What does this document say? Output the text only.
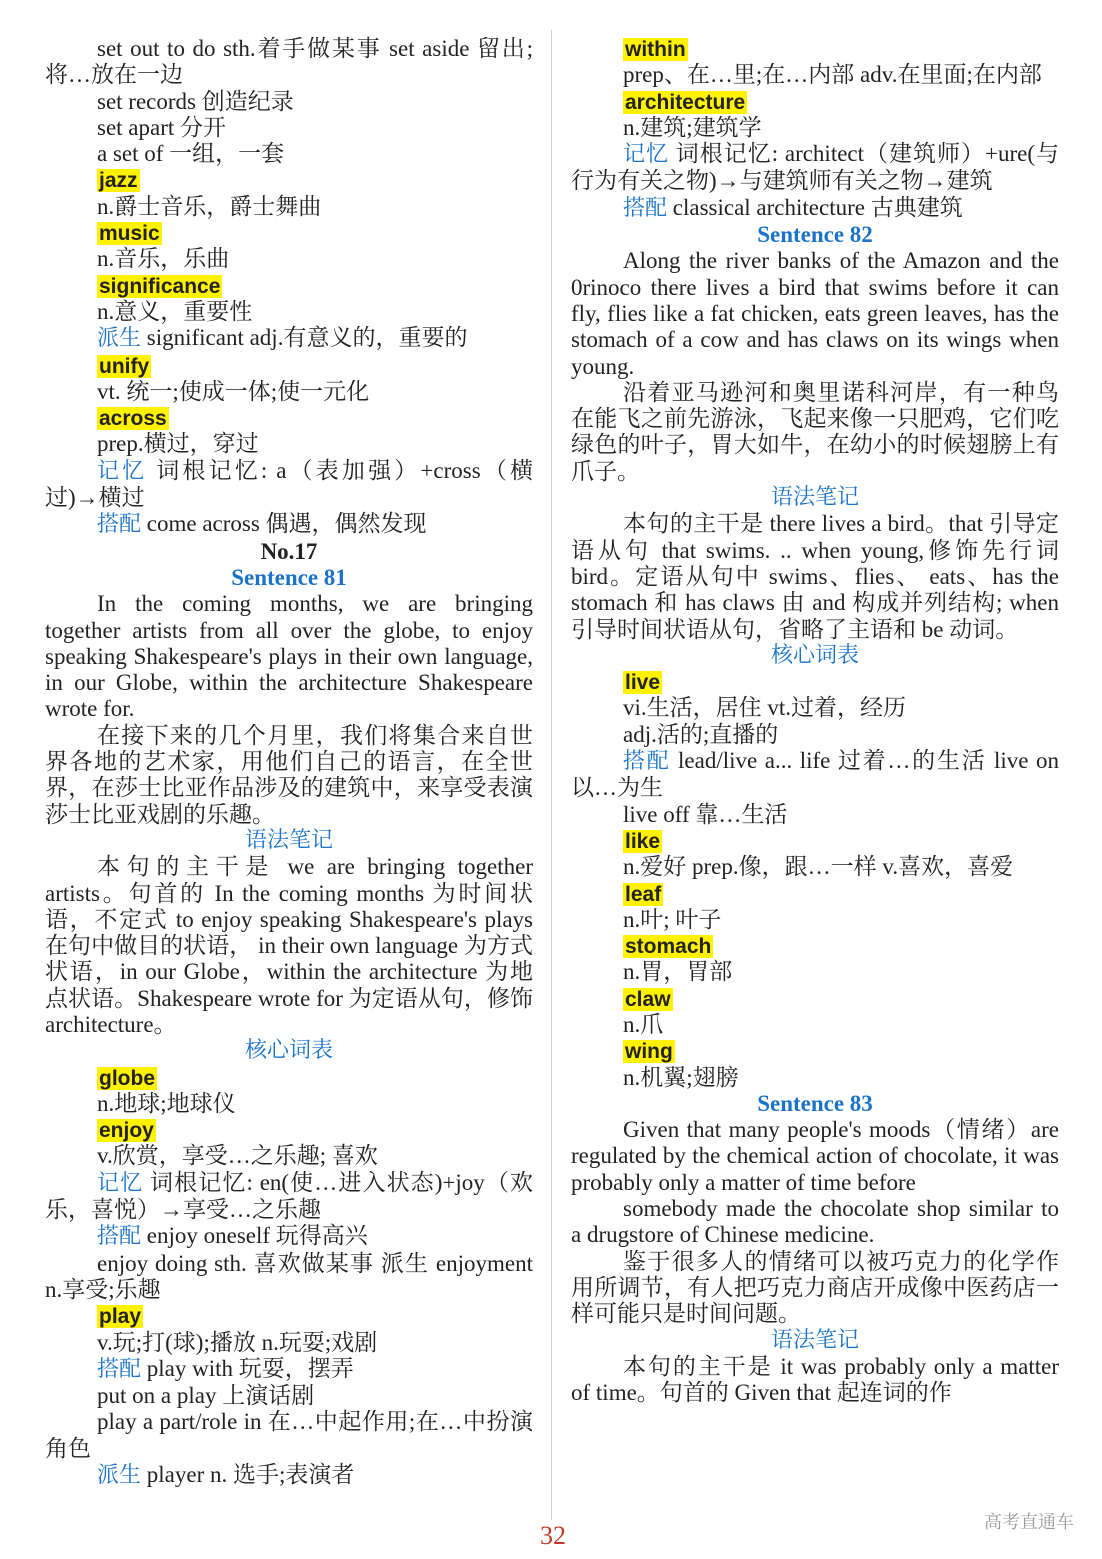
set out to do sth.着手做某事 set aside 留出;将…放在一边

set records 创造纪录

set apart 分开

a set of 一组，一套

jazz

n.爵士音乐，爵士舞曲

music

n.音乐，乐曲

significance

n.意义，重要性

派生 significant adj.有意义的，重要的

unify

vt. 统一;使成一体;使一元化

across

prep.横过，穿过

记忆 词根记忆: a（表加强）+cross（横过)→横过

搭配 come across 偶遇，偶然发现

No.17

Sentence 81

In the coming months, we are bringing together artists from all over the globe, to enjoy speaking Shakespeare's plays in their own language, in our Globe, within the architecture Shakespeare wrote for.

在接下来的几个月里，我们将集合来自世界各地的艺术家，用他们自己的语言，在全世界，在莎士比亚作品涉及的建筑中，来享受表演莎士比亚戏剧的乐趣。

语法笔记

本句的主干是 we are bringing together artists。句首的 In the coming months 为时间状语，不定式 to enjoy speaking Shakespeare's plays 在句中做目的状语， in their own language 为方式状语，in our Globe，within the architecture 为地点状语。Shakespeare wrote for 为定语从句，修饰 architecture。

核心词表

globe

n.地球;地球仪

enjoy

v.欣赏，享受…之乐趣; 喜欢

记忆 词根记忆: en(使…进入状态)+joy（欢乐，喜悦）→享受…之乐趣

搭配 enjoy oneself 玩得高兴

enjoy doing sth. 喜欢做某事 派生 enjoyment n.享受;乐趣

play

v.玩;打(球);播放 n.玩耍;戏剧

搭配 play with 玩耍，摆弄

put on a play 上演话剧

play a part/role in 在…中起作用;在…中扮演角色

派生 player n. 选手;表演者

within

prep、在…里;在…内部 adv.在里面;在内部

architecture

n.建筑;建筑学

记忆 词根记忆: architect（建筑师）+ure(与行为有关之物)→与建筑师有关之物→建筑

搭配 classical architecture 古典建筑

Sentence 82

Along the river banks of the Amazon and the 0rinoco there lives a bird that swims before it can fly, flies like a fat chicken, eats green leaves, has the stomach of a cow and has claws on its wings when young.

沿着亚马逊河和奥里诺科河岸，有一种鸟在能飞之前先游泳，飞起来像一只肥鸡，它们吃绿色的叶子，胃大如牛，在幼小的时候翅膀上有爪子。

语法笔记

本句的主干是 there lives a bird。that 引导定语从句 that swims. .. when young,修饰先行词 bird。定语从句中 swims、flies、 eats、has the stomach 和 has claws 由 and 构成并列结构; when 引导时间状语从句，省略了主语和 be 动词。

核心词表

live

vi.生活，居住 vt.过着，经历

adj.活的;直播的

搭配 lead/live a... life 过着…的生活 live on 以…为生

live off 靠…生活

like

n.爱好 prep.像，跟…一样 v.喜欢，喜爱

leaf

n.叶; 叶子

stomach

n.胃，胃部

claw

n.爪

wing

n.机翼;翅膀

Sentence 83

Given that many people's moods（情绪）are regulated by the chemical action of chocolate, it was probably only a matter of time before

somebody made the chocolate shop similar to a drugstore of Chinese medicine.

鉴于很多人的情绪可以被巧克力的化学作用所调节，有人把巧克力商店开成像中医药店一样可能只是时间问题。

语法笔记

本句的主干是 it was probably only a matter of time。句首的 Given that 起连词的作

32	高考直通车
